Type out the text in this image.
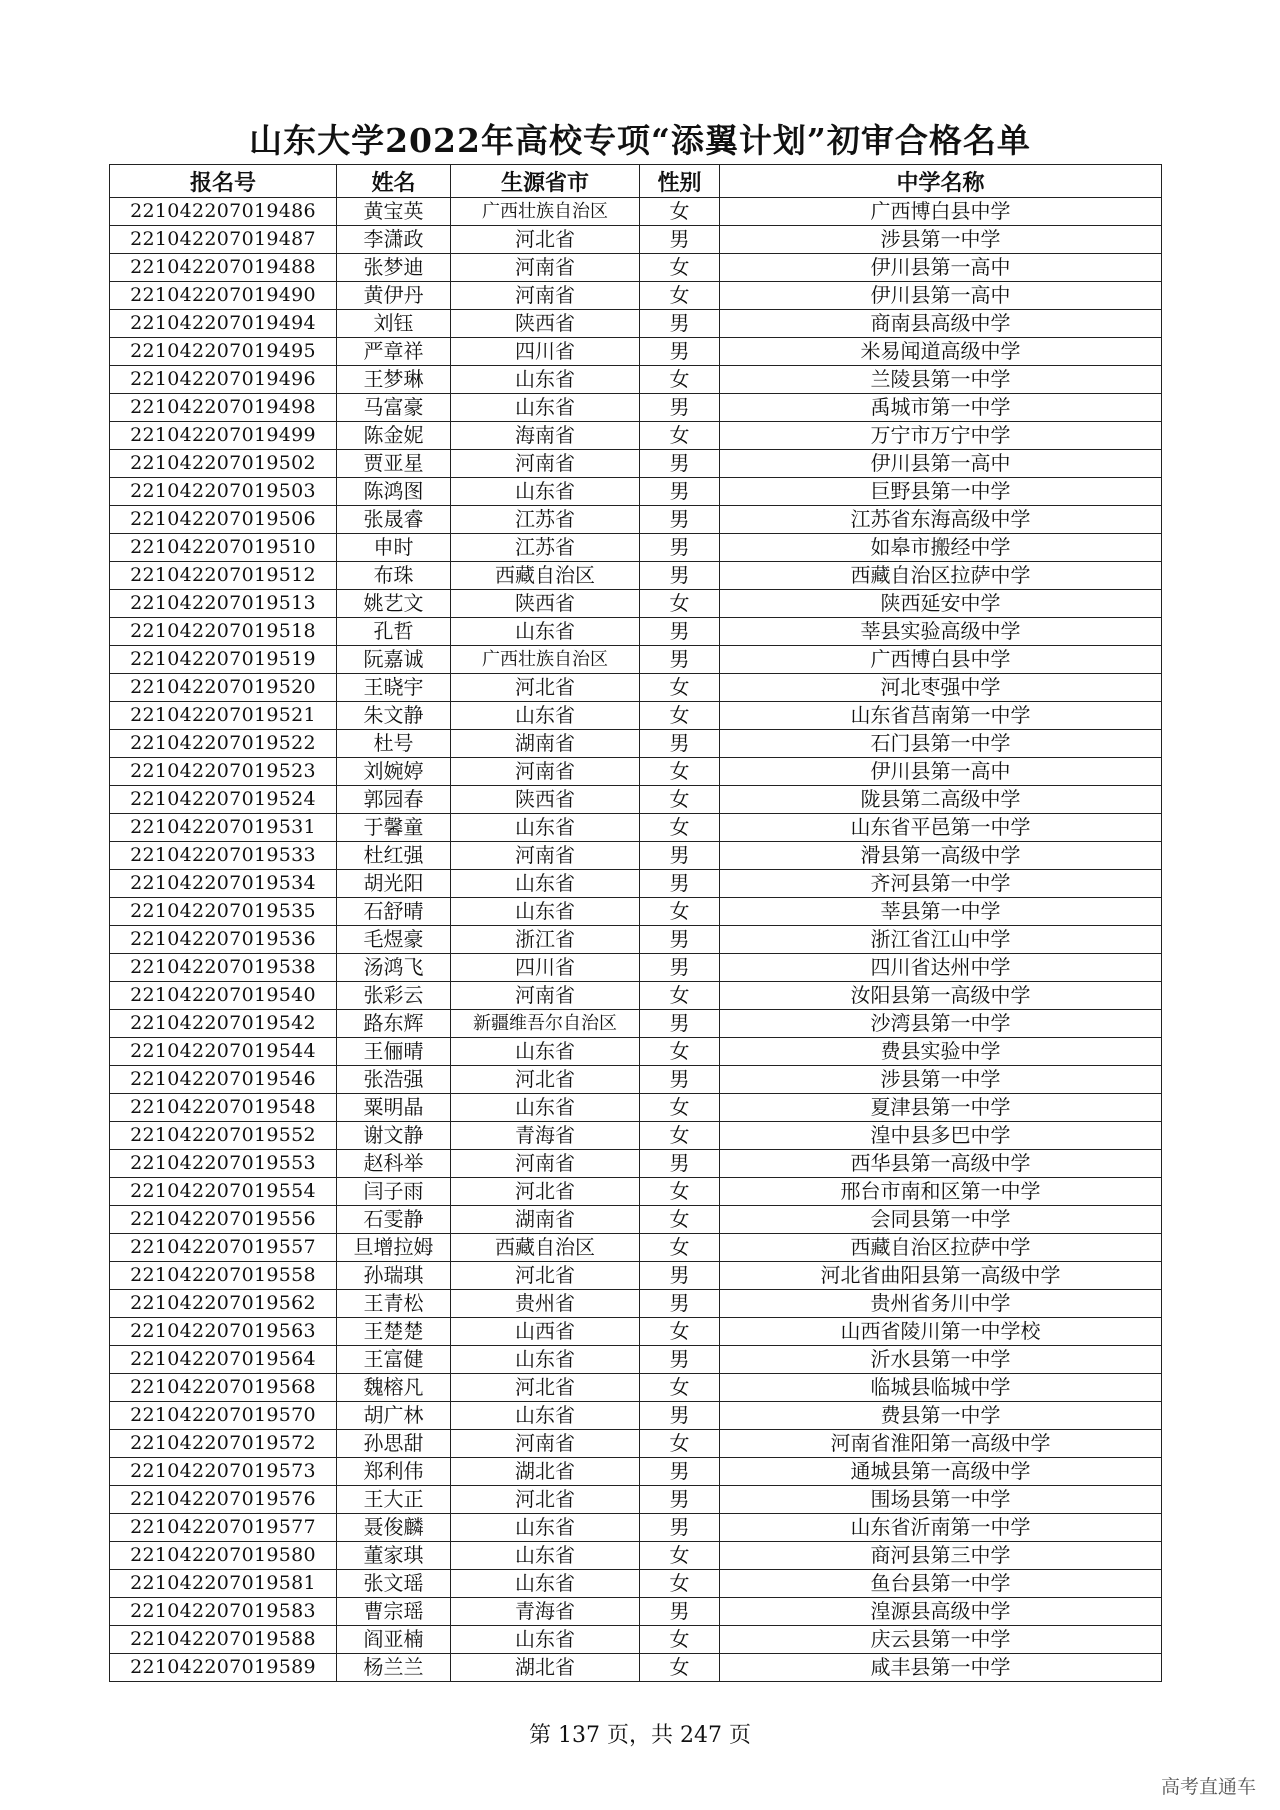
山东大学2022年高校专项“添翼计划”初审合格名单
报名号	姓名	生源省市	性别	中学名称
221042207019486	黄宝英	广西壮族自治区	女	广西博白县中学
221042207019487	李潇政	河北省	男	涉县第一中学
221042207019488	张梦迪	河南省	女	伊川县第一高中
221042207019490	黄伊丹	河南省	女	伊川县第一高中
221042207019494	刘钰	陕西省	男	商南县高级中学
221042207019495	严章祥	四川省	男	米易闻道高级中学
221042207019496	王梦琳	山东省	女	兰陵县第一中学
221042207019498	马富豪	山东省	男	禹城市第一中学
221042207019499	陈金妮	海南省	女	万宁市万宁中学
221042207019502	贾亚星	河南省	男	伊川县第一高中
221042207019503	陈鸿图	山东省	男	巨野县第一中学
221042207019506	张晟睿	江苏省	男	江苏省东海高级中学
221042207019510	申时	江苏省	男	如皋市搬经中学
221042207019512	布珠	西藏自治区	男	西藏自治区拉萨中学
221042207019513	姚艺文	陕西省	女	陕西延安中学
221042207019518	孔哲	山东省	男	莘县实验高级中学
221042207019519	阮嘉诚	广西壮族自治区	男	广西博白县中学
221042207019520	王晓宇	河北省	女	河北枣强中学
221042207019521	朱文静	山东省	女	山东省莒南第一中学
221042207019522	杜号	湖南省	男	石门县第一中学
221042207019523	刘婉婷	河南省	女	伊川县第一高中
221042207019524	郭园春	陕西省	女	陇县第二高级中学
221042207019531	于馨童	山东省	女	山东省平邑第一中学
221042207019533	杜红强	河南省	男	滑县第一高级中学
221042207019534	胡光阳	山东省	男	齐河县第一中学
221042207019535	石舒晴	山东省	女	莘县第一中学
221042207019536	毛煜豪	浙江省	男	浙江省江山中学
221042207019538	汤鸿飞	四川省	男	四川省达州中学
221042207019540	张彩云	河南省	女	汝阳县第一高级中学
221042207019542	路东辉	新疆维吾尔自治区	男	沙湾县第一中学
221042207019544	王俪晴	山东省	女	费县实验中学
221042207019546	张浩强	河北省	男	涉县第一中学
221042207019548	粟明晶	山东省	女	夏津县第一中学
221042207019552	谢文静	青海省	女	湟中县多巴中学
221042207019553	赵科举	河南省	男	西华县第一高级中学
221042207019554	闫子雨	河北省	女	邢台市南和区第一中学
221042207019556	石雯静	湖南省	女	会同县第一中学
221042207019557	旦增拉姆	西藏自治区	女	西藏自治区拉萨中学
221042207019558	孙瑞琪	河北省	男	河北省曲阳县第一高级中学
221042207019562	王青松	贵州省	男	贵州省务川中学
221042207019563	王楚楚	山西省	女	山西省陵川第一中学校
221042207019564	王富健	山东省	男	沂水县第一中学
221042207019568	魏榕凡	河北省	女	临城县临城中学
221042207019570	胡广林	山东省	男	费县第一中学
221042207019572	孙思甜	河南省	女	河南省淮阳第一高级中学
221042207019573	郑利伟	湖北省	男	通城县第一高级中学
221042207019576	王大正	河北省	男	围场县第一中学
221042207019577	聂俊麟	山东省	男	山东省沂南第一中学
221042207019580	董家琪	山东省	女	商河县第三中学
221042207019581	张文瑶	山东省	女	鱼台县第一中学
221042207019583	曹宗瑶	青海省	男	湟源县高级中学
221042207019588	阎亚楠	山东省	女	庆云县第一中学
221042207019589	杨兰兰	湖北省	女	咸丰县第一中学
第 137 页，共 247 页
高考直通车
